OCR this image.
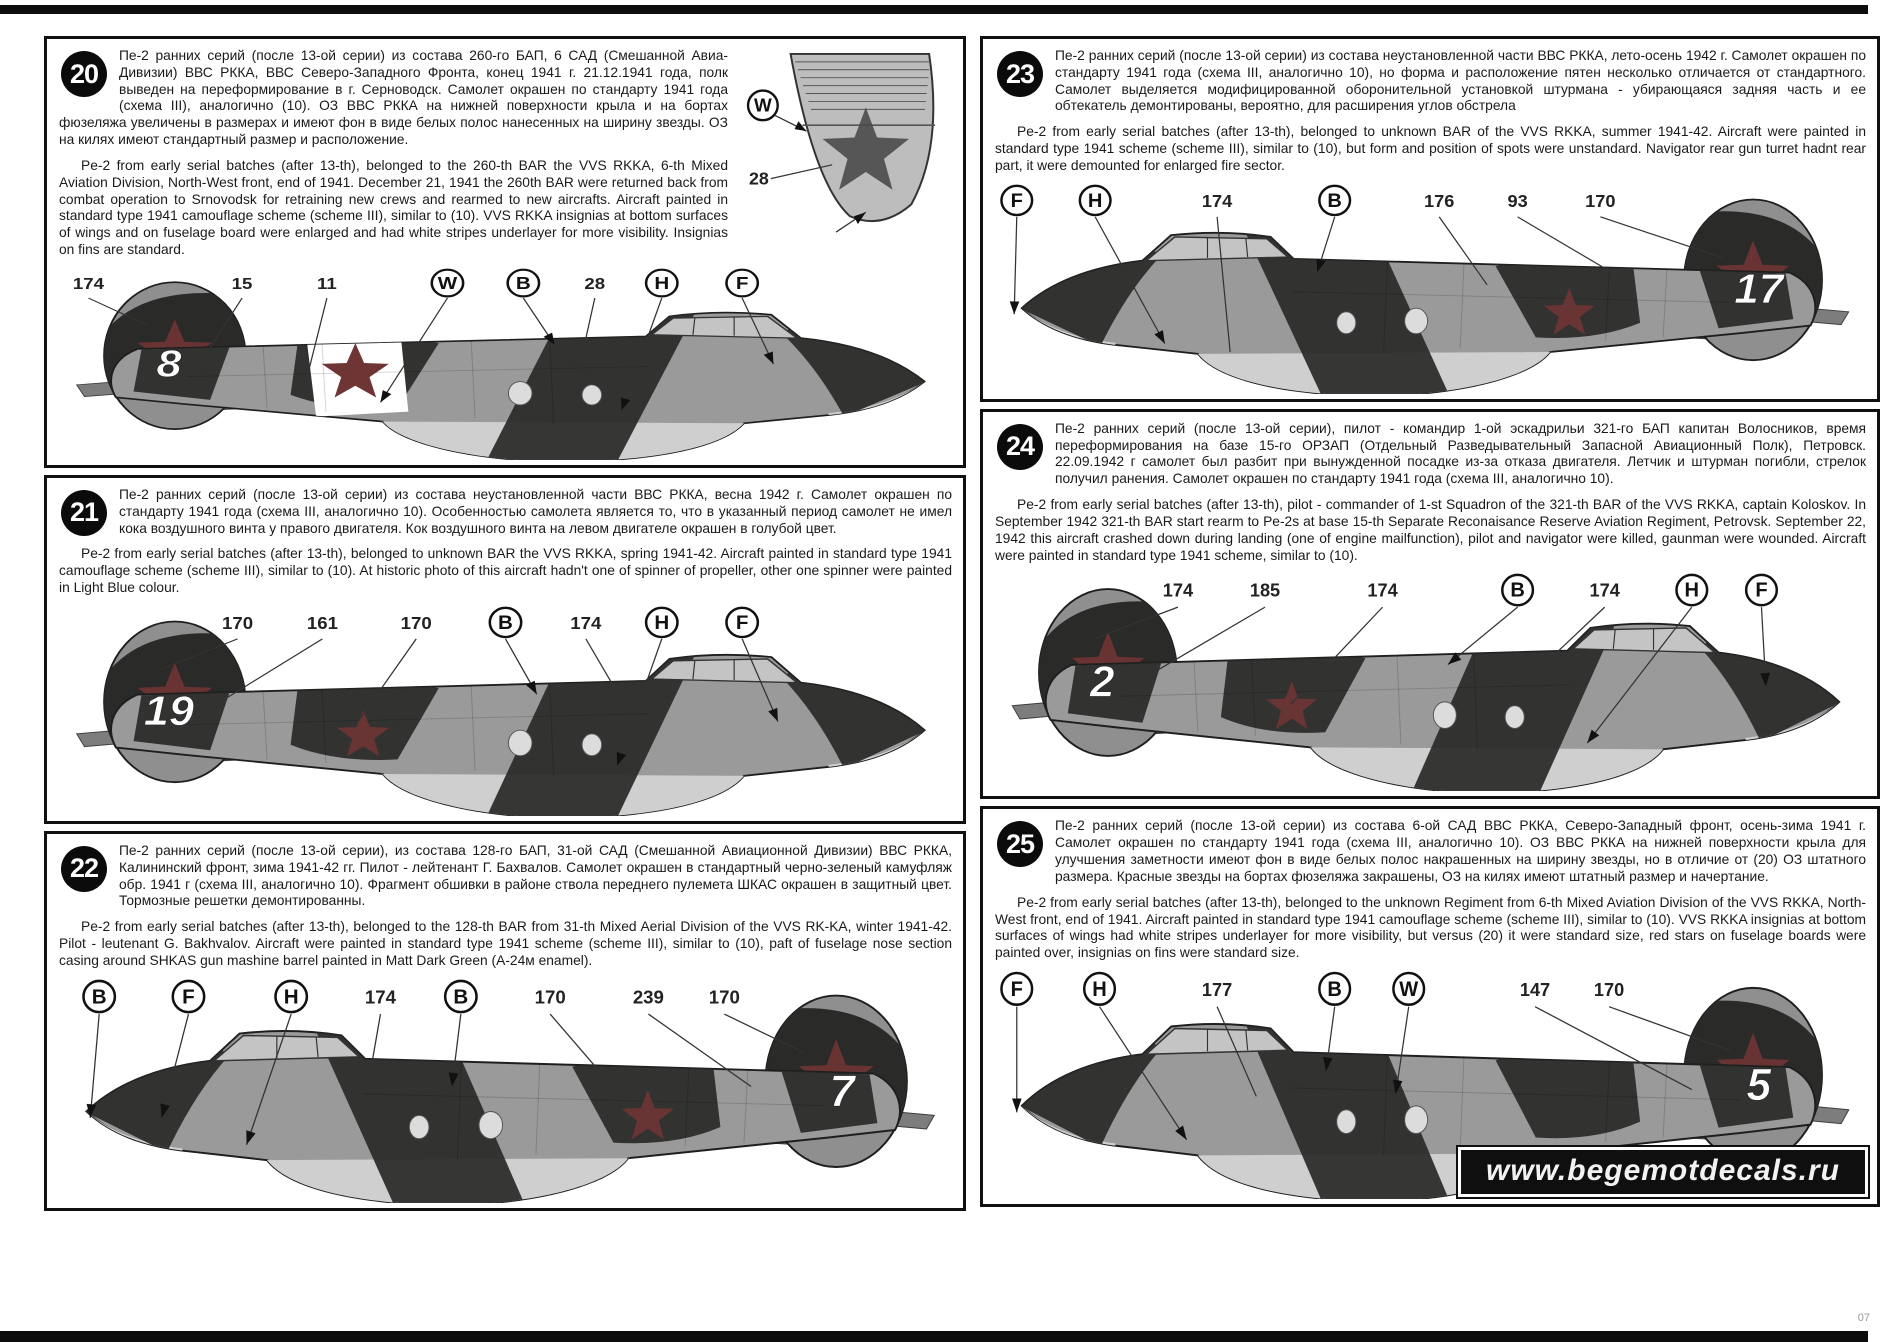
20
W
28

Пе-2 ранних серий (после 13-ой серии) из состава 260-го БАП, 6 САД (Смешанной Авиа-Дивизии) ВВС РККА, ВВС Северо-Западного Фронта, конец 1941 г. 21.12.1941 года, полк выведен на переформирование в г. Серноводск. Самолет окрашен по стандарту 1941 года (схема III), аналогично (10). ОЗ ВВС РККА на нижней поверхности крыла и на бортах фюзеляжа увеличены в размерах и имеют фон в виде белых полос нанесенных на ширину звезды. ОЗ на килях имеют стандартный размер и расположение.

Pe-2 from early serial batches (after 13-th), belonged to the 260-th BAR the VVS RKKA, 6-th Mixed Aviation Division, North-West front, end of 1941. December 21, 1941 the 260th BAR were returned back from combat operation to Srnovodsk for retraining new crews and rearmed to new aircrafts. Aircraft painted in standard type 1941 camouflage scheme (scheme III), similar to (10). VVS RKKA insignias at bottom surfaces of wings and on fuselage board were enlarged and had white stripes underlayer for more visibility. Insignias on fins are standard.

8
174	15	11	W	B	28 H	F
21

Пе-2 ранних серий (после 13-ой серии) из состава неустановленной части ВВС РККА, весна 1942 г. Самолет окрашен по стандарту 1941 года (схема III, аналогично 10). Особенностью самолета является то, что в указанный период самолет не имел кока воздушного винта у правого двигателя. Кок воздушного винта на левом двигателе окрашен в голубой цвет.

Pe-2 from early serial batches (after 13-th), belonged to unknown BAR the VVS RKKA, spring 1941-42. Aircraft painted in standard type 1941 camouflage scheme (scheme III), similar to (10). At historic photo of this aircraft hadn't one of spinner of propeller, other one spinner were painted in Light Blue colour.

19
170	161	170	B	174	H	F
22

Пе-2 ранних серий (после 13-ой серии), из состава 128-го БАП, 31-ой САД (Смешанной Авиационной Дивизии) ВВС РККА, Калининский фронт, зима 1941-42 гг. Пилот - лейтенант Г. Бахвалов. Самолет окрашен в стандартный черно-зеленый камуфляж обр. 1941 г (схема III, аналогично 10). Фрагмент обшивки в районе ствола переднего пулемета ШКАС окрашен в защитный цвет. Тормозные решетки демонтированны.

Pe-2 from early serial batches (after 13-th), belonged to the 128-th BAR from 31-th Mixed Aerial Division of the VVS RK-KA, winter 1941-42. Pilot - leutenant G. Bakhvalov. Aircraft were painted in standard type 1941 scheme (scheme III), similar to (10), paft of fuselage nose section casing around SHKAS gun mashine barrel painted in Matt Dark Green (А-24м enamel).

7
B	F	H	174	B	170	239 170
23

Пе-2 ранних серий (после 13-ой серии) из состава неустановленной части ВВС РККА, лето-осень 1942 г. Самолет окрашен по стандарту 1941 года (схема III, аналогично 10), но форма и расположение пятен несколько отличается от стандартного. Самолет выделяется модифицированной оборонительной установкой штурмана - убирающаяся задняя часть и ее обтекатель демонтированы, вероятно, для расширения углов обстрела

Pe-2 from early serial batches (after 13-th), belonged to unknown BAR of the VVS RKKA, summer 1941-42. Aircraft were painted in standard type 1941 scheme (scheme III), similar to (10), but form and position of spots were unstandard. Navigator rear gun turret hadnt rear part, it were demounted for enlarged fire sector.

17
F	H	174	B	176	93	170
24

Пе-2 ранних серий (после 13-ой серии), пилот - командир 1-ой эскадрильи 321-го БАП капитан Волосников, время переформирования на базе 15-го ОРЗАП (Отдельный Разведывательный Запасной Авиационный Полк), Петровск. 22.09.1942 г самолет был разбит при вынужденной посадке из-за отказа двигателя. Летчик и штурман погибли, стрелок получил ранения. Самолет окрашен по стандарту 1941 года (схема III, аналогично 10).

Pe-2 from early serial batches (after 13-th), pilot - commander of 1-st Squadron of the 321-th BAR of the VVS RKKA, captain Koloskov. In September 1942 321-th BAR start rearm to Pe-2s at base 15-th Separate Reconaisance Reserve Aviation Regiment, Petrovsk. September 22, 1942 this aircraft crashed down during landing (one of engine mailfunction), pilot and navigator were killed, gaunman were wounded. Aircraft were painted in standard type 1941 scheme, similar to (10).

2
174	185	174	B	174	H	F
25

Пе-2 ранних серий (после 13-ой серии) из состава 6-ой САД ВВС РККА, Северо-Западный фронт, осень-зима 1941 г. Самолет окрашен по стандарту 1941 года (схема III, аналогично 10). ОЗ ВВС РККА на нижней поверхности крыла для улучшения заметности имеют фон в виде белых полос накрашенных на ширину звезды, но в отличие от (20) ОЗ штатного размера. Красные звезды на бортах фюзеляжа закрашены, ОЗ на килях имеют штатный размер и начертание.

Pe-2 from early serial batches (after 13-th), belonged to the unknown Regiment from 6-th Mixed Aviation Division of the VVS RKKA, North-West front, end of 1941. Aircraft painted in standard type 1941 camouflage scheme (scheme III), similar to (10). VVS RKKA insignias at bottom surfaces of wings had white stripes underlayer for more visibility, but versus (20) it were standard size, red stars on fuselage boards were painted over, insignias on fins were standard size.

5
F	H	177	B	W	147 170
www.begemotdecals.ru
07
